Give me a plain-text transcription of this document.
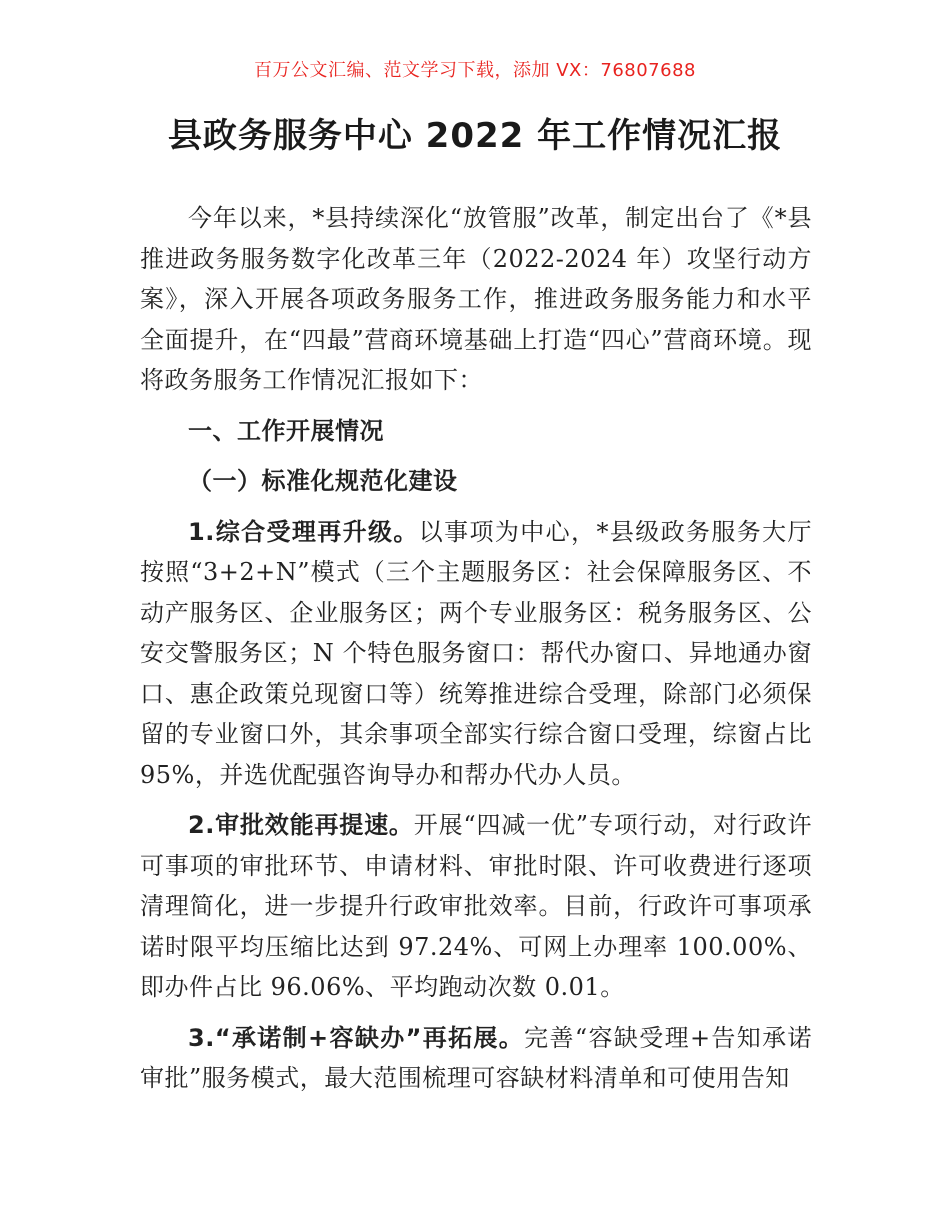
百万公文汇编、范文学习下载，添加 VX：76807688
县政务服务中心 2022 年工作情况汇报

今年以来，*县持续深化“放管服”改革，制定出台了《*县推进政务服务数字化改革三年（2022-2024 年）攻坚行动方案》，深入开展各项政务服务工作，推进政务服务能力和水平全面提升，在“四最”营商环境基础上打造“四心”营商环境。现将政务服务工作情况汇报如下：

一、工作开展情况

（一）标准化规范化建设

1.综合受理再升级。以事项为中心，*县级政务服务大厅按照“3+2+N”模式（三个主题服务区：社会保障服务区、不动产服务区、企业服务区；两个专业服务区：税务服务区、公安交警服务区；N 个特色服务窗口：帮代办窗口、异地通办窗口、惠企政策兑现窗口等）统筹推进综合受理，除部门必须保留的专业窗口外，其余事项全部实行综合窗口受理，综窗占比 95%，并选优配强咨询导办和帮办代办人员。

2.审批效能再提速。开展“四减一优”专项行动，对行政许可事项的审批环节、申请材料、审批时限、许可收费进行逐项清理简化，进一步提升行政审批效率。目前，行政许可事项承诺时限平均压缩比达到 97.24%、可网上办理率 100.00%、即办件占比 96.06%、平均跑动次数 0.01。

3.“承诺制+容缺办”再拓展。完善“容缺受理+告知承诺审批”服务模式，最大范围梳理可容缺材料清单和可使用告知
